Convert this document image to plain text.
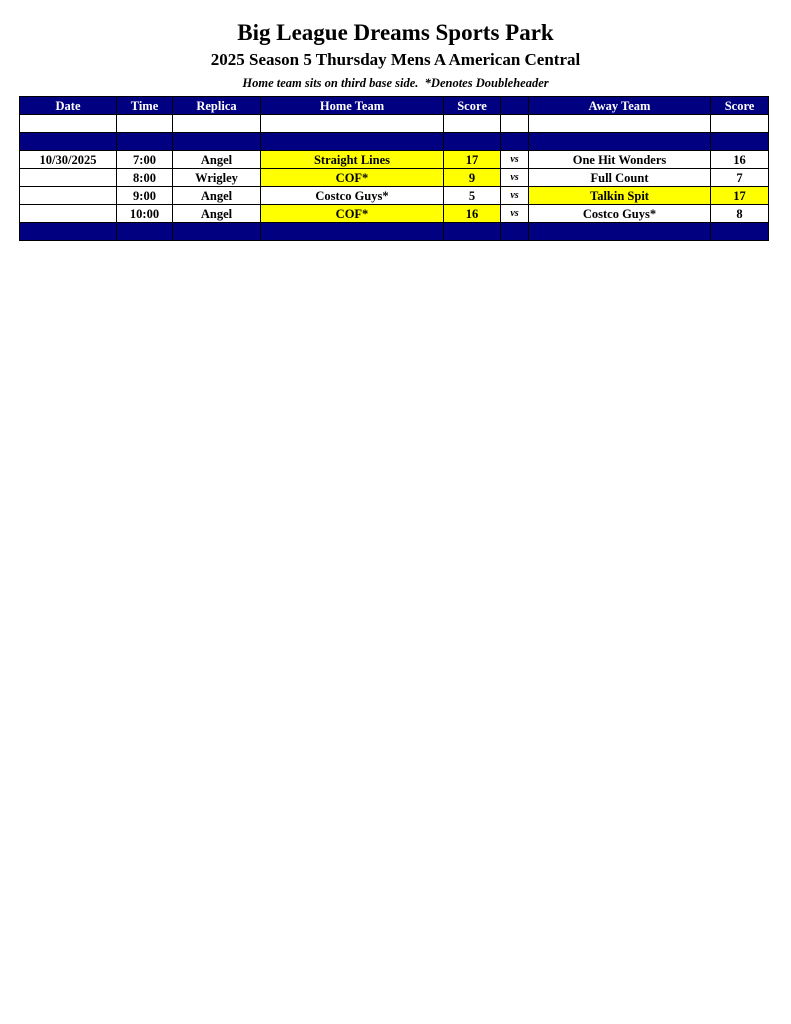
Big League Dreams Sports Park
2025 Season 5 Thursday Mens A American Central
Home team sits on third base side.  *Denotes Doubleheader
Date	Time	Replica	Home Team	Score		Away Team	Score

10/30/2025	7:00	Angel	Straight Lines	17	vs	One Hit Wonders	16
	8:00	Wrigley	COF*	9	vs	Full Count	7
	9:00	Angel	Costco Guys*	5	vs	Talkin Spit	17
	10:00	Angel	COF*	16	vs	Costco Guys*	8
